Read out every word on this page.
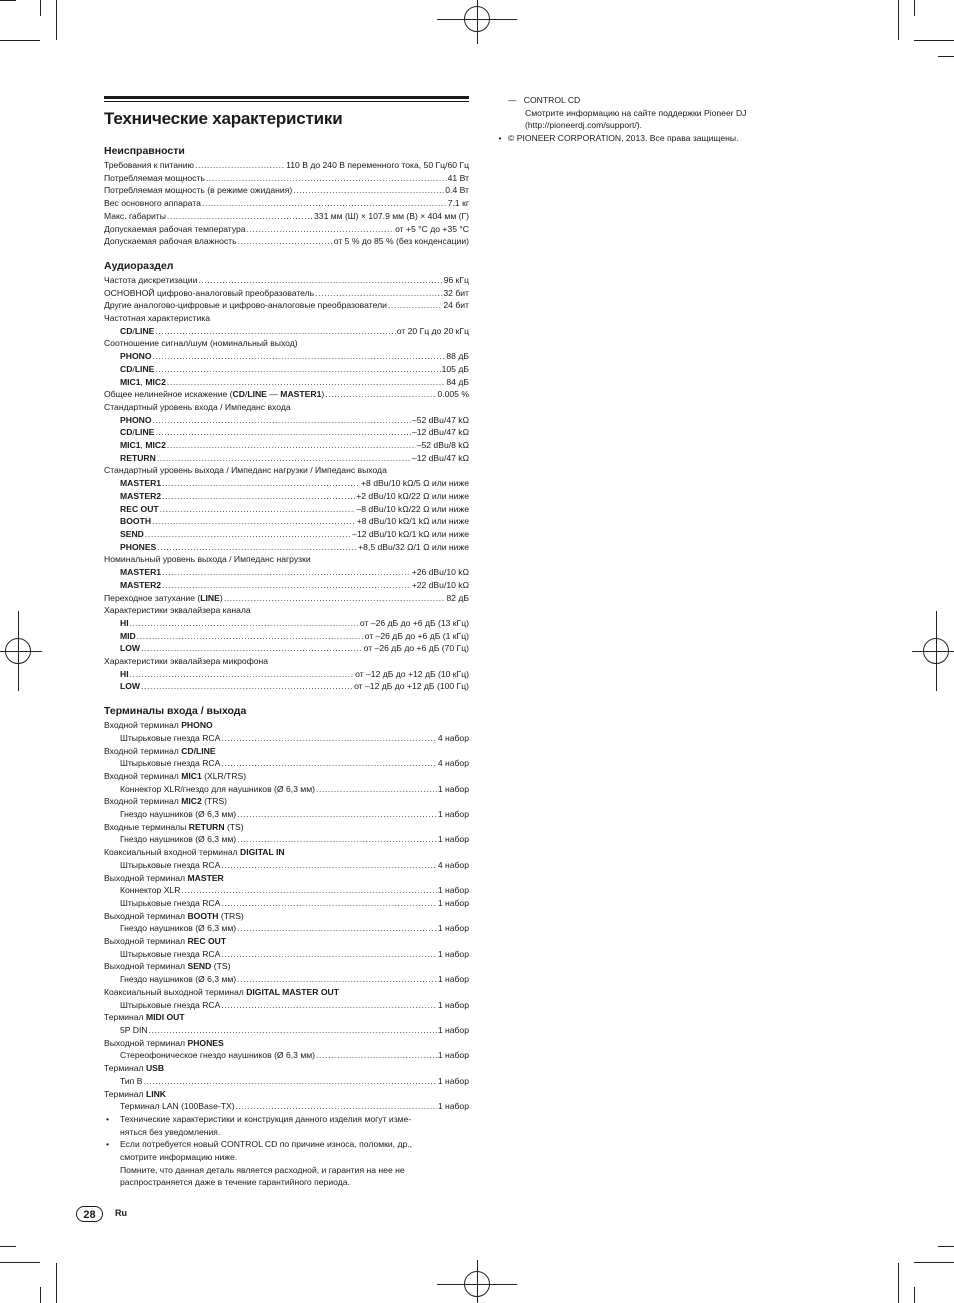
Технические характеристики
Неисправности
Требования к питанию .....	110 В до 240 В переменного тока, 50 Гц/60 Гц
Потребляемая мощность .....	41 Вт
Потребляемая мощность (в режиме ожидания) .....	0.4 Вт
Вес основного аппарата .....	7.1 кг
Макс. габариты .....	331 мм (Ш) × 107.9 мм (В) × 404 мм (Г)
Допускаемая рабочая температура .....	от +5 °C до +35 °C
Допускаемая рабочая влажность .....	от 5 % до 85 % (без конденсации)
Аудиораздел
Частота дискретизации .....	96 кГц
ОСНОВНОЙ цифрово-аналоговый преобразователь .....	32 бит
Другие аналогово-цифровые и цифрово-аналоговые преобразователи .....	24 бит
Частотная характеристика
CD/LINE .....	от 20 Гц до 20 кГц
Соотношение сигнал/шум (номинальный выход)
PHONO .....	88 дБ
CD/LINE .....	105 дБ
MIC1, MIC2 .....	84 дБ
Общее нелинейное искажение (CD/LINE — MASTER1) .....	0.005 %
Стандартный уровень входа / Импеданс входа
PHONO .....	–52 dBu/47 kΩ
CD/LINE .....	–12 dBu/47 kΩ
MIC1, MIC2 .....	–52 dBu/8 kΩ
RETURN .....	–12 dBu/47 kΩ
Стандартный уровень выхода / Импеданс нагрузки / Импеданс выхода
MASTER1 .....	+8 dBu/10 kΩ/5 Ω или ниже
MASTER2 .....	+2 dBu/10 kΩ/22 Ω или ниже
REC OUT .....	–8 dBu/10 kΩ/22 Ω или ниже
BOOTH .....	+8 dBu/10 kΩ/1 kΩ или ниже
SEND .....	–12 dBu/10 kΩ/1 kΩ или ниже
PHONES .....	+8,5 dBu/32 Ω/1 Ω или ниже
Номинальный уровень выхода / Импеданс нагрузки
MASTER1 .....	+26 dBu/10 kΩ
MASTER2 .....	+22 dBu/10 kΩ
Переходное затухание (LINE) .....	82 дБ
Характеристики эквалайзера канала
HI .....	от –26 дБ до +6 дБ (13 кГц)
MID .....	от –26 дБ до +6 дБ (1 кГц)
LOW .....	от –26 дБ до +6 дБ (70 Гц)
Характеристики эквалайзера микрофона
HI .....	от –12 дБ до +12 дБ (10 кГц)
LOW .....	от –12 дБ до +12 дБ (100 Гц)
Терминалы входа / выхода
Входной терминал PHONO
Штырьковые гнезда RCA .....	4 набор
Входной терминал CD/LINE
Штырьковые гнезда RCA .....	4 набор
Входной терминал MIC1 (XLR/TRS)
Коннектор XLR/гнездо для наушников (Ø 6,3 мм) .....	1 набор
Входной терминал MIC2 (TRS)
Гнездо наушников (Ø 6,3 мм) .....	1 набор
Входные терминалы RETURN (TS)
Гнездо наушников (Ø 6,3 мм) .....	1 набор
Коаксиальный входной терминал DIGITAL IN
Штырьковые гнезда RCA .....	4 набор
Выходной терминал MASTER
Коннектор XLR .....	1 набор
Штырьковые гнезда RCA .....	1 набор
Выходной терминал BOOTH (TRS)
Гнездо наушников (Ø 6,3 мм) .....	1 набор
Выходной терминал REC OUT
Штырьковые гнезда RCA .....	1 набор
Выходной терминал SEND (TS)
Гнездо наушников (Ø 6,3 мм) .....	1 набор
Коаксиальный выходной терминал DIGITAL MASTER OUT
Штырьковые гнезда RCA .....	1 набор
Терминал MIDI OUT
5P DIN .....	1 набор
Выходной терминал PHONES
Стереофоническое гнездо наушников (Ø 6,3 мм) .....	1 набор
Терминал USB
Тип B .....	1 набор
Терминал LINK
Терминал LAN (100Base-TX) .....	1 набор
• Технические характеристики и конструкция данного изделия могут изме-
няться без уведомления.
• Если потребуется новый CONTROL CD по причине износа, поломки, др.,
смотрите информацию ниже.
Помните, что данная деталь является расходной, и гарантия на нее не
распространяется даже в течение гарантийного периода.
— CONTROL CD
Смотрите информацию на сайте поддержки Pioneer DJ
(http://pioneerdj.com/support/).
• © PIONEER CORPORATION, 2013. Все права защищены.
28	Ru
